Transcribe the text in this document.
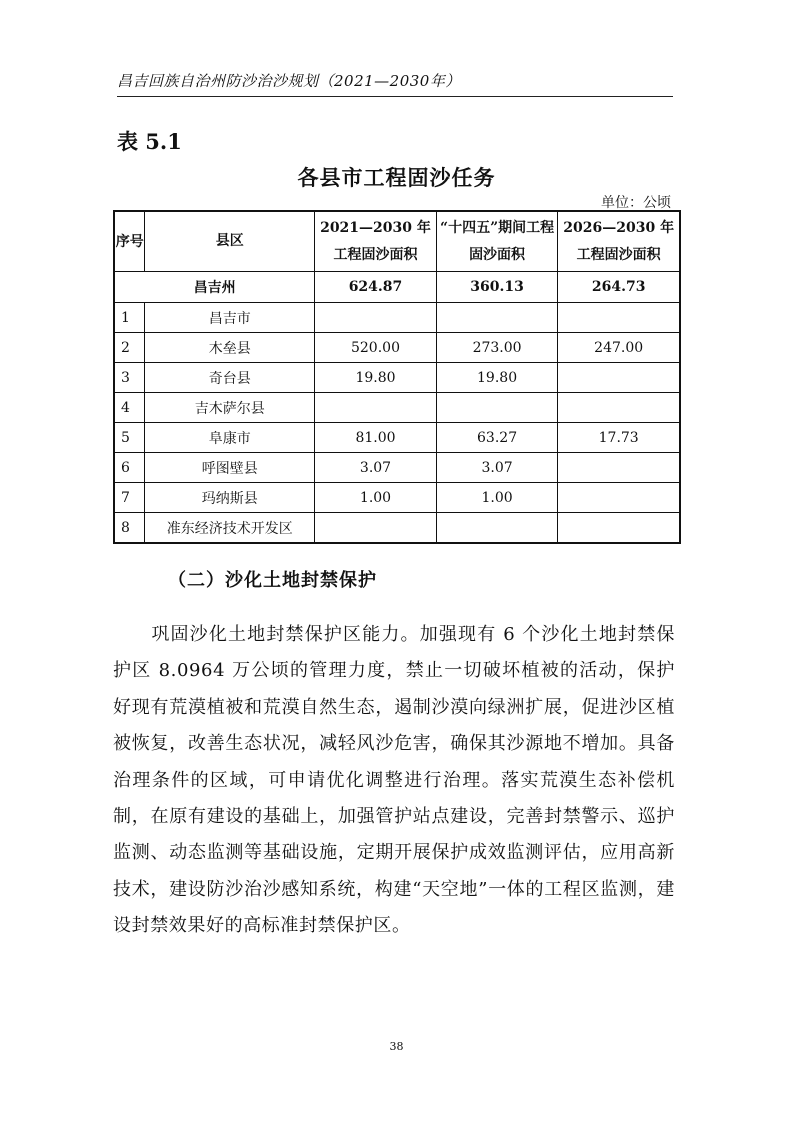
昌吉回族自治州防沙治沙规划（2021—2030年）
表 5.1
各县市工程固沙任务
单位：公顷
序号	县区	2021—2030 年工程固沙面积	“十四五”期间工程固沙面积	2026—2030 年工程固沙面积
昌吉州		624.87	360.13	264.73
1	昌吉市			
2	木垒县	520.00	273.00	247.00
3	奇台县	19.80	19.80	
4	吉木萨尔县			
5	阜康市	81.00	63.27	17.73
6	呼图壁县	3.07	3.07	
7	玛纳斯县	1.00	1.00	
8	准东经济技术开发区			
（二）沙化土地封禁保护
　　巩固沙化土地封禁保护区能力。加强现有 6 个沙化土地封禁保护区 8.0964 万公顷的管理力度，禁止一切破坏植被的活动，保护好现有荒漠植被和荒漠自然生态，遏制沙漠向绿洲扩展，促进沙区植被恢复，改善生态状况，减轻风沙危害，确保其沙源地不增加。具备治理条件的区域，可申请优化调整进行治理。落实荒漠生态补偿机制，在原有建设的基础上，加强管护站点建设，完善封禁警示、巡护监测、动态监测等基础设施，定期开展保护成效监测评估，应用高新技术，建设防沙治沙感知系统，构建“天空地”一体的工程区监测，建设封禁效果好的高标准封禁保护区。
38
